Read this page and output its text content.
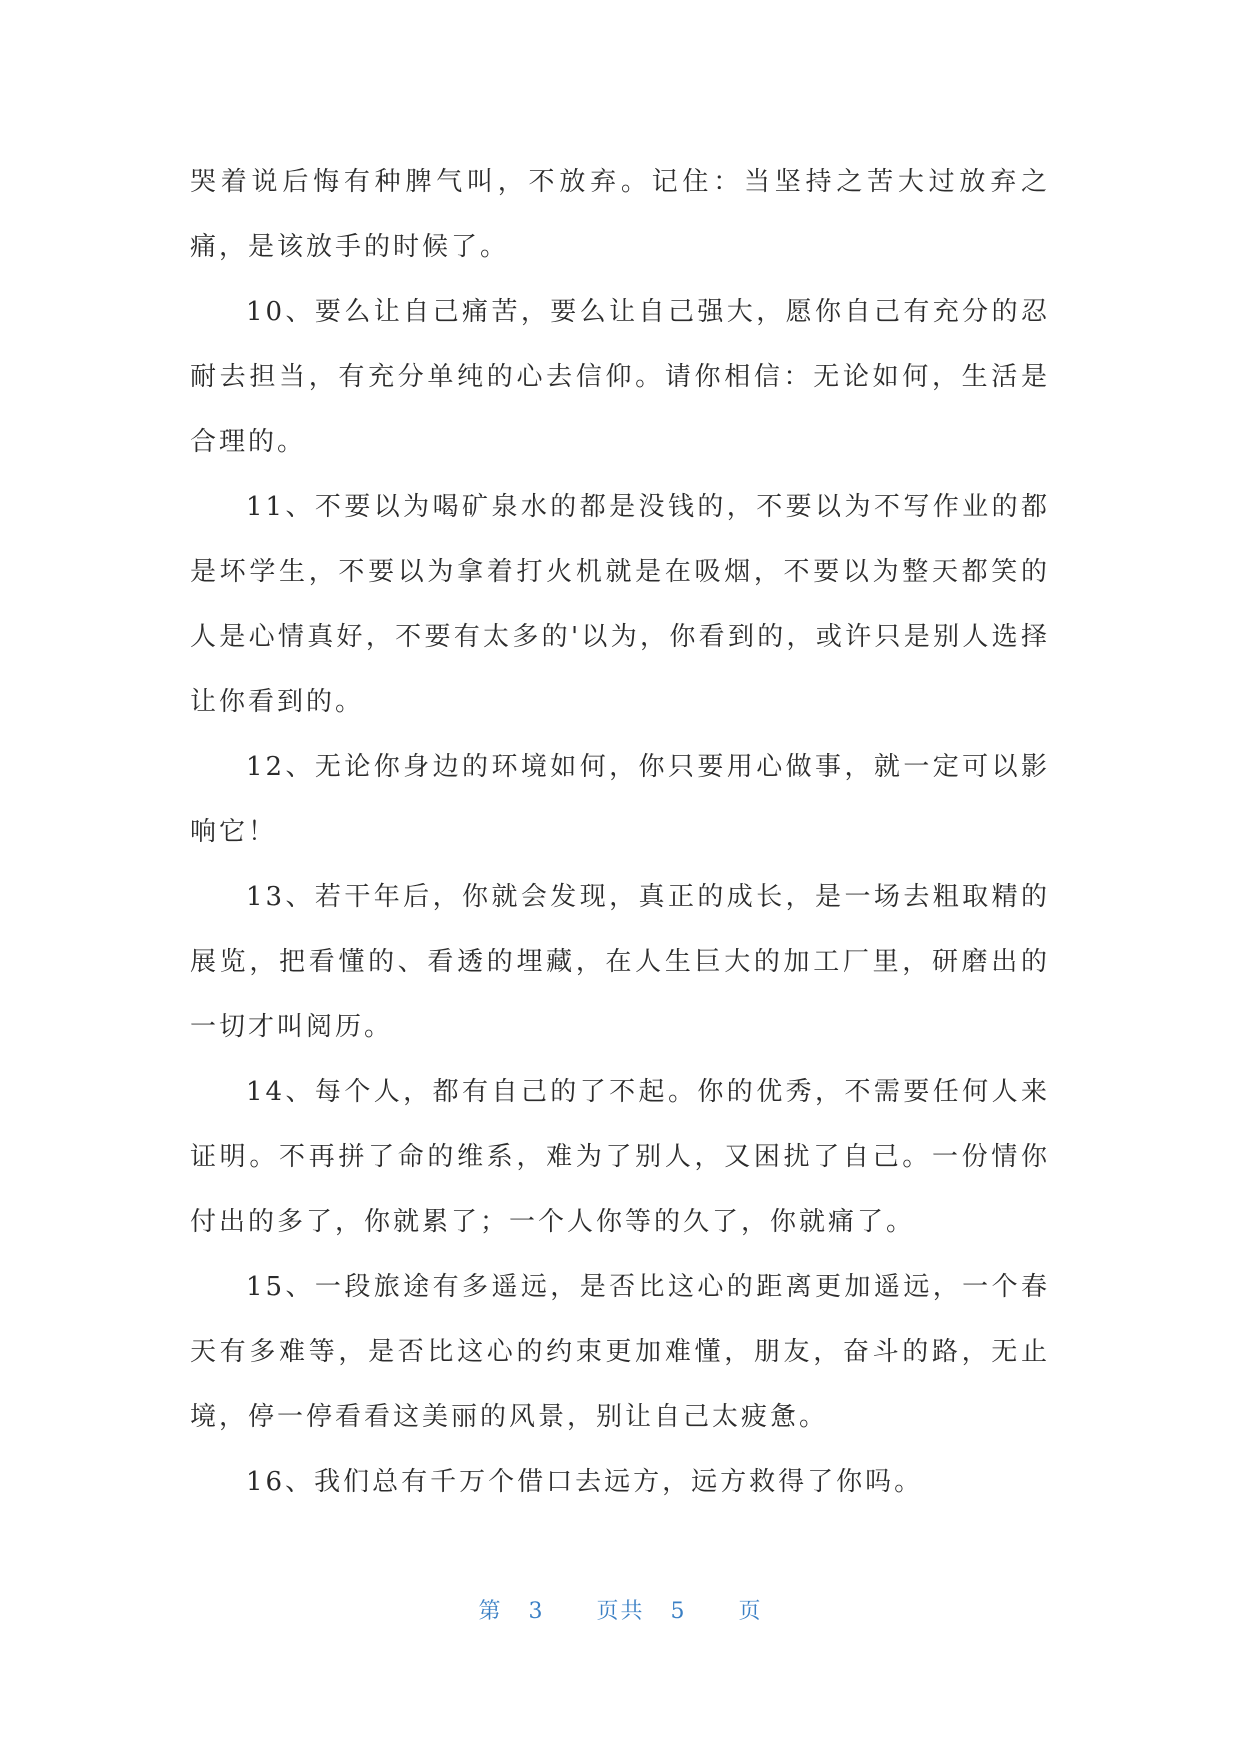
哭着说后悔有种脾气叫，不放弃。记住：当坚持之苦大过放弃之痛，是该放手的时候了。

10、要么让自己痛苦，要么让自己强大，愿你自己有充分的忍耐去担当，有充分单纯的心去信仰。请你相信：无论如何，生活是合理的。

11、不要以为喝矿泉水的都是没钱的，不要以为不写作业的都是坏学生，不要以为拿着打火机就是在吸烟，不要以为整天都笑的人是心情真好，不要有太多的'以为，你看到的，或许只是别人选择让你看到的。

12、无论你身边的环境如何，你只要用心做事，就一定可以影响它！

13、若干年后，你就会发现，真正的成长，是一场去粗取精的展览，把看懂的、看透的埋藏，在人生巨大的加工厂里，研磨出的一切才叫阅历。

14、每个人，都有自己的了不起。你的优秀，不需要任何人来证明。不再拼了命的维系，难为了别人，又困扰了自己。一份情你付出的多了，你就累了；一个人你等的久了，你就痛了。

15、一段旅途有多遥远，是否比这心的距离更加遥远，一个春天有多难等，是否比这心的约束更加难懂，朋友，奋斗的路，无止境，停一停看看这美丽的风景，别让自己太疲惫。

16、我们总有千万个借口去远方，远方救得了你吗。

第 3 页共 5 页
